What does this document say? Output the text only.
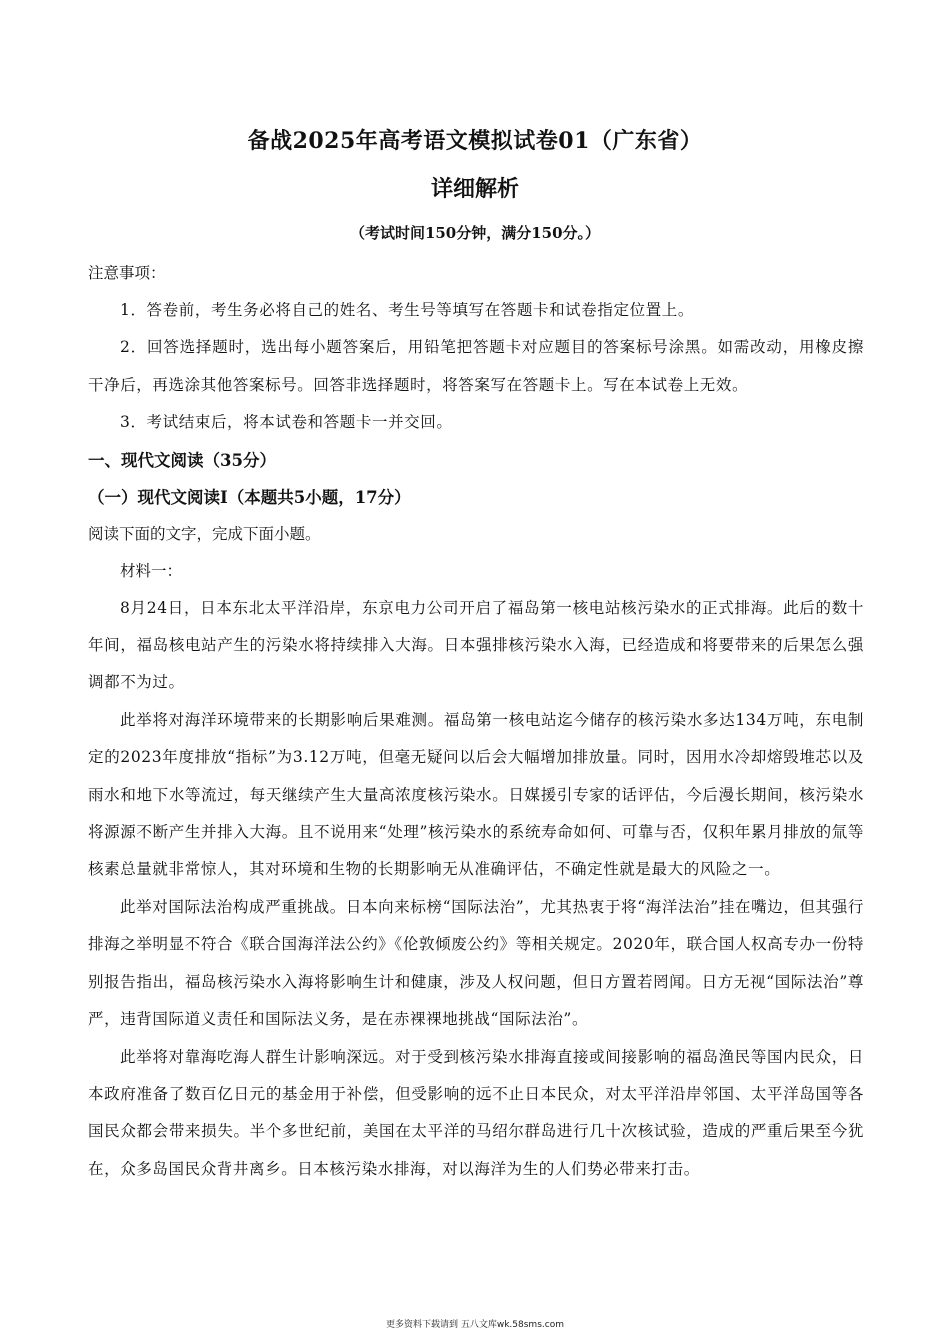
备战2025年高考语文模拟试卷01（广东省）
详细解析
（考试时间150分钟，满分150分。）
注意事项：

1．答卷前，考生务必将自己的姓名、考生号等填写在答题卡和试卷指定位置上。

2．回答选择题时，选出每小题答案后，用铅笔把答题卡对应题目的答案标号涂黑。如需改动，用橡皮擦干净后，再选涂其他答案标号。回答非选择题时，将答案写在答题卡上。写在本试卷上无效。

3．考试结束后，将本试卷和答题卡一并交回。

一、现代文阅读（35分）
（一）现代文阅读Ⅰ（本题共5小题，17分）
阅读下面的文字，完成下面小题。
材料一：

8月24日，日本东北太平洋沿岸，东京电力公司开启了福岛第一核电站核污染水的正式排海。此后的数十年间，福岛核电站产生的污染水将持续排入大海。日本强排核污染水入海，已经造成和将要带来的后果怎么强调都不为过。

此举将对海洋环境带来的长期影响后果难测。福岛第一核电站迄今储存的核污染水多达134万吨，东电制定的2023年度排放“指标”为3.12万吨，但毫无疑问以后会大幅增加排放量。同时，因用水冷却熔毁堆芯以及雨水和地下水等流过，每天继续产生大量高浓度核污染水。日媒援引专家的话评估，今后漫长期间，核污染水将源源不断产生并排入大海。且不说用来“处理”核污染水的系统寿命如何、可靠与否，仅积年累月排放的氚等核素总量就非常惊人，其对环境和生物的长期影响无从准确评估，不确定性就是最大的风险之一。

此举对国际法治构成严重挑战。日本向来标榜“国际法治”，尤其热衷于将“海洋法治”挂在嘴边，但其强行排海之举明显不符合《联合国海洋法公约》《伦敦倾废公约》等相关规定。2020年，联合国人权高专办一份特别报告指出，福岛核污染水入海将影响生计和健康，涉及人权问题，但日方置若罔闻。日方无视“国际法治”尊严，违背国际道义责任和国际法义务，是在赤裸裸地挑战“国际法治”。

此举将对靠海吃海人群生计影响深远。对于受到核污染水排海直接或间接影响的福岛渔民等国内民众，日本政府准备了数百亿日元的基金用于补偿，但受影响的远不止日本民众，对太平洋沿岸邻国、太平洋岛国等各国民众都会带来损失。半个多世纪前，美国在太平洋的马绍尔群岛进行几十次核试验，造成的严重后果至今犹在，众多岛国民众背井离乡。日本核污染水排海，对以海洋为生的人们势必带来打击。

更多资料下载请到 五八文库wk.58sms.com
